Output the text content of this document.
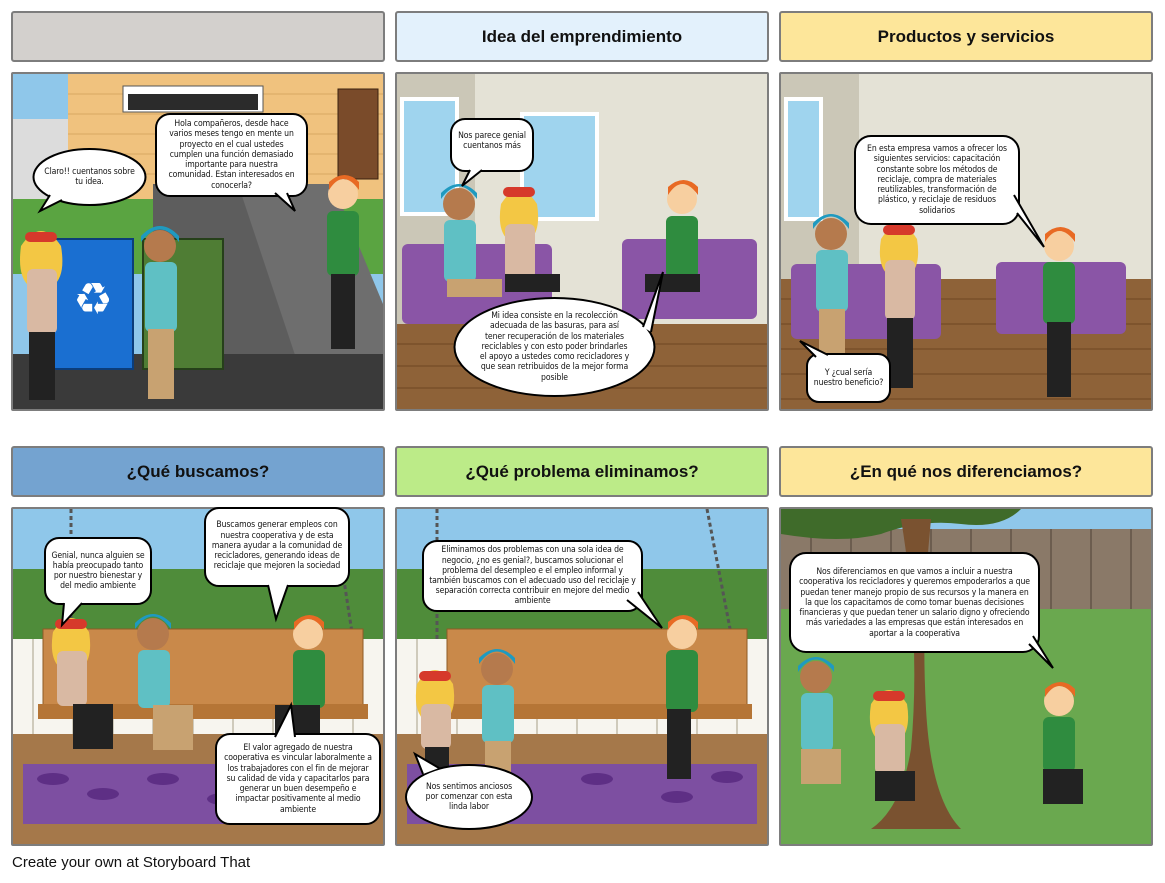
Idea del emprendimiento	Productos y servicios
¿Qué buscamos?	¿Qué problema eliminamos?	¿En qué nos diferenciamos?
♻
Claro!! cuentanos sobre tu idea.
Hola compañeros, desde hace varios meses tengo en mente un proyecto en el cual ustedes cumplen una función demasiado importante para nuestra comunidad. Estan interesados en conocerla?
Nos parece genial cuentanos más
Mi idea consiste en la recolección adecuada de las basuras, para así tener recuperación de los materiales reciclables y con esto poder brindarles el apoyo a ustedes como recicladores y que sean retribuidos de la mejor forma posible
En esta empresa vamos a ofrecer los siguientes servicios: capacitación constante sobre los métodos de reciclaje, compra de materiales reutilizables, transformación de plástico, y reciclaje de residuos solidarios
Y ¿cual sería nuestro beneficio?
Genial, nunca alguien se había preocupado tanto por nuestro bienestar y del medio ambiente
Buscamos generar empleos con nuestra cooperativa y de esta manera ayudar a la comunidad de recicladores, generando ideas de reciclaje que mejoren la sociedad
El valor agregado de nuestra cooperativa es vincular laboralmente a los trabajadores con el fin de mejorar su calidad de vida y capacitarlos para generar un buen desempeño e impactar positivamente al medio ambiente
Eliminamos dos problemas con una sola idea de negocio, ¿no es genial?, buscamos solucionar el problema del desempleo e el empleo informal y también buscamos con el adecuado uso del reciclaje y separación correcta contribuir en mejore del medio ambiente
Nos sentimos anciosos por comenzar con esta linda labor
Nos diferenciamos en que vamos a incluir a nuestra cooperativa los recicladores y queremos empoderarlos a que puedan tener manejo propio de sus recursos y la manera en la que los capacitamos de como tomar buenas decisiones financieras y que puedan tener un salario digno y ofreciendo más variedades a las empresas que están interesados en aportar a la cooperativa
Create your own at Storyboard That
